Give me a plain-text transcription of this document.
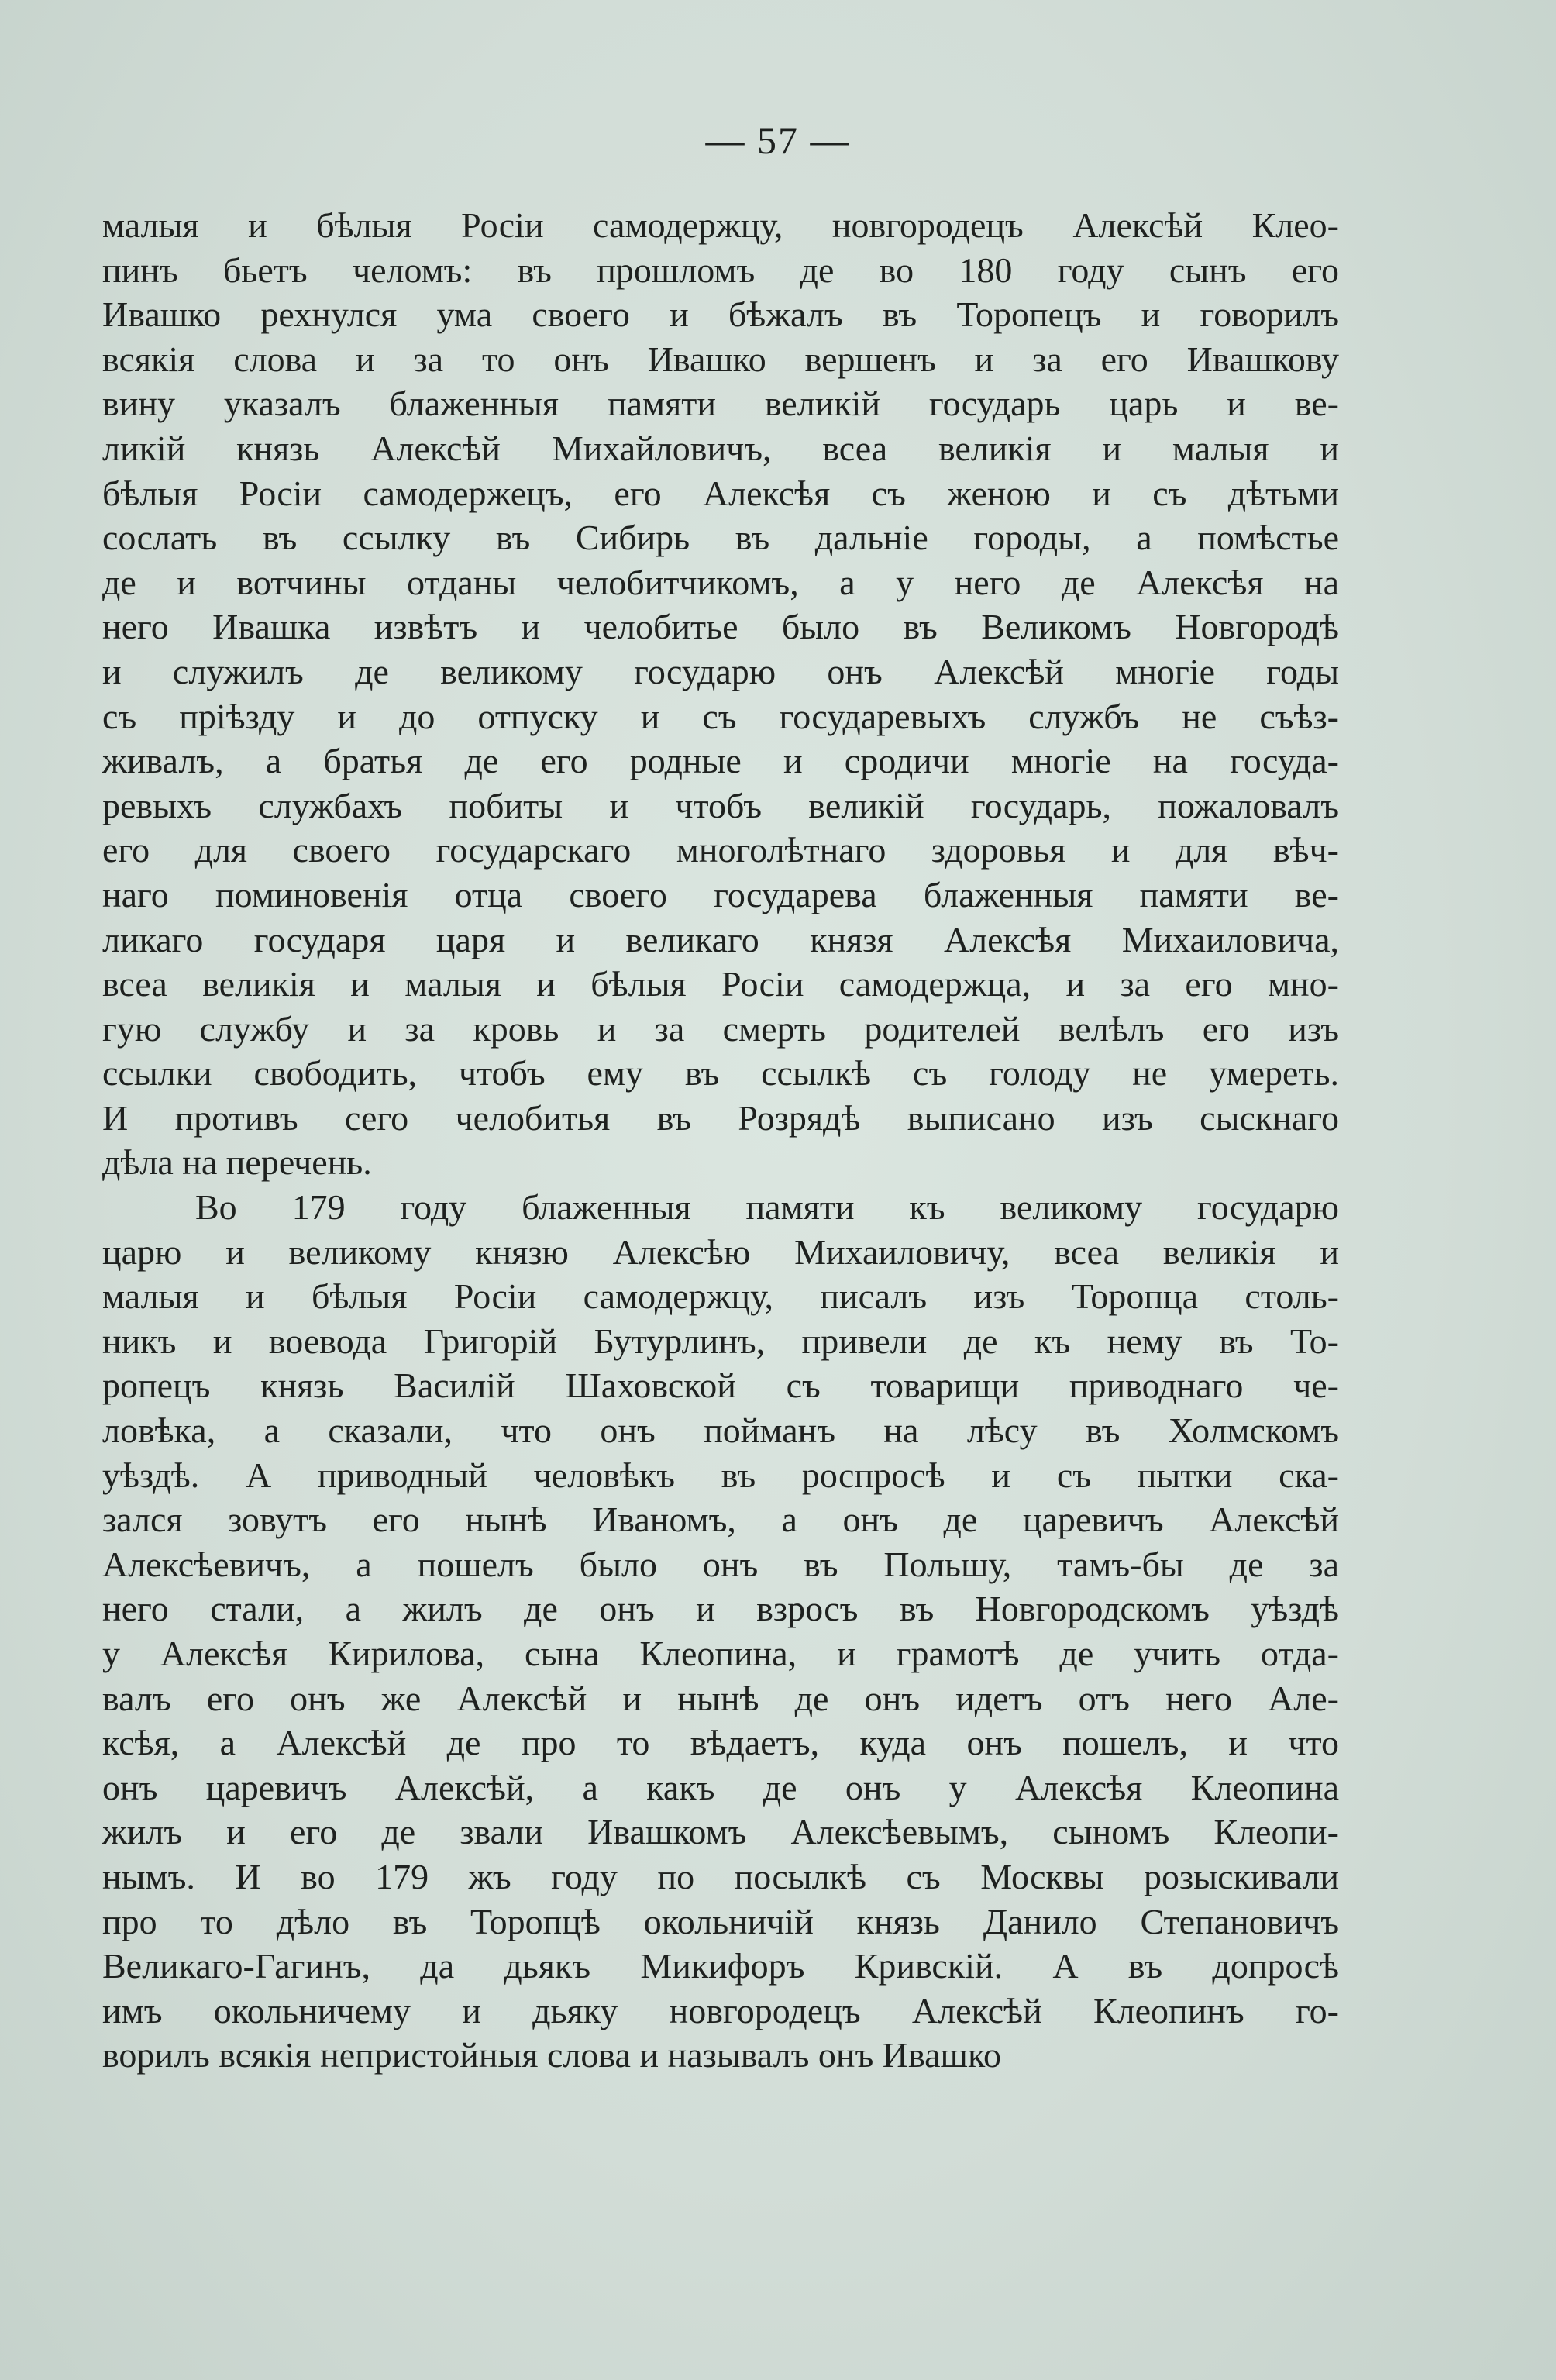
— 57 —
малыя и бѣлыя Росіи самодержцу, новгородецъ Алексѣй Клео-
пинъ бьетъ челомъ: въ прошломъ де во 180 году сынъ его
Ивашко рехнулся ума своего и бѣжалъ въ Торопецъ и говорилъ
всякія слова и за то онъ Ивашко вершенъ и за его Ивашкову
вину указалъ блаженныя памяти великій государь царь и ве-
ликій князь Алексѣй Михайловичъ, всеа великія и малыя и
бѣлыя Росіи самодержецъ, его Алексѣя съ женою и съ дѣтьми
сослать въ ссылку въ Сибирь въ дальніе городы, а помѣстье
де и вотчины отданы челобитчикомъ, а у него де Алексѣя на
него Ивашка извѣтъ и челобитье было въ Великомъ Новгородѣ
и служилъ де великому государю онъ Алексѣй многіе годы
съ пріѣзду и до отпуску и съ государевыхъ службъ не съѣз-
живалъ, а братья де его родные и сродичи многіе на госуда-
ревыхъ службахъ побиты и чтобъ великій государь, пожаловалъ
его для своего государскаго многолѣтнаго здоровья и для вѣч-
наго поминовенія отца своего государева блаженныя памяти ве-
ликаго государя царя и великаго князя Алексѣя Михаиловича,
всеа великія и малыя и бѣлыя Росіи самодержца, и за его мно-
гую службу и за кровь и за смерть родителей велѣлъ его изъ
ссылки свободить, чтобъ ему въ ссылкѣ съ голоду не умереть.
И противъ сего челобитья въ Розрядѣ выписано изъ сыскнаго
дѣла на перечень.
Во 179 году блаженныя памяти къ великому государю
царю и великому князю Алексѣю Михаиловичу, всеа великія и
малыя и бѣлыя Росіи самодержцу, писалъ изъ Торопца столь-
никъ и воевода Григорій Бутурлинъ, привели де къ нему въ То-
ропецъ князь Василій Шаховской съ товарищи приводнаго че-
ловѣка, а сказали, что онъ пойманъ на лѣсу въ Холмскомъ
уѣздѣ. А приводный человѣкъ въ роспросѣ и съ пытки ска-
зался зовутъ его нынѣ Иваномъ, а онъ де царевичъ Алексѣй
Алексѣевичъ, а пошелъ было онъ въ Польшу, тамъ-бы де за
него стали, а жилъ де онъ и взросъ въ Новгородскомъ уѣздѣ
у Алексѣя Кирилова, сына Клеопина, и грамотѣ де учить отда-
валъ его онъ же Алексѣй и нынѣ де онъ идетъ отъ него Але-
ксѣя, а Алексѣй де про то вѣдаетъ, куда онъ пошелъ, и что
онъ царевичъ Алексѣй, а какъ де онъ у Алексѣя Клеопина
жилъ и его де звали Ивашкомъ Алексѣевымъ, сыномъ Клеопи-
нымъ. И во 179 жъ году по посылкѣ съ Москвы розыскивали
про то дѣло въ Торопцѣ окольничій князь Данило Степановичъ
Великаго-Гагинъ, да дьякъ Микифоръ Кривскій. А въ допросѣ
имъ окольничему и дьяку новгородецъ Алексѣй Клеопинъ го-
ворилъ всякія непристойныя слова и называлъ онъ Ивашко
